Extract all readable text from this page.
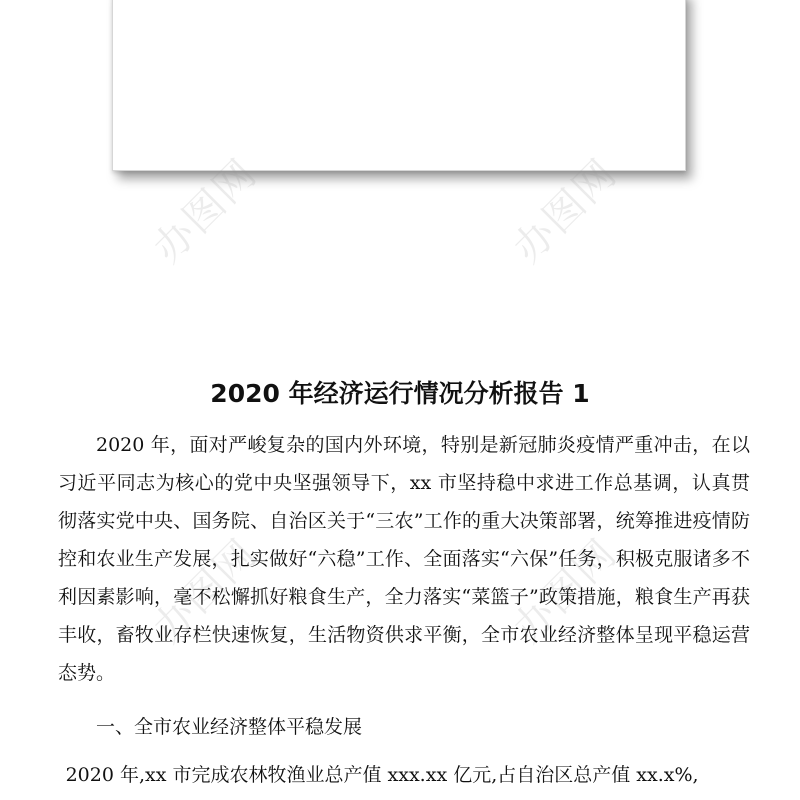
办图网	办图网
办图网	办图网
2020 年经济运行情况分析报告 1

2020 年，面对严峻复杂的国内外环境，特别是新冠肺炎疫情严重冲击，在以习近平同志为核心的党中央坚强领导下，xx 市坚持稳中求进工作总基调，认真贯彻落实党中央、国务院、自治区关于“三农”工作的重大决策部署，统筹推进疫情防控和农业生产发展，扎实做好“六稳”工作、全面落实“六保”任务，积极克服诸多不利因素影响，毫不松懈抓好粮食生产，全力落实“菜篮子”政策措施，粮食生产再获丰收，畜牧业存栏快速恢复，生活物资供求平衡，全市农业经济整体呈现平稳运营态势。

一、全市农业经济整体平稳发展

2020 年,xx 市完成农林牧渔业总产值 xxx.xx 亿元,占自治区总产值 xx.x%,
